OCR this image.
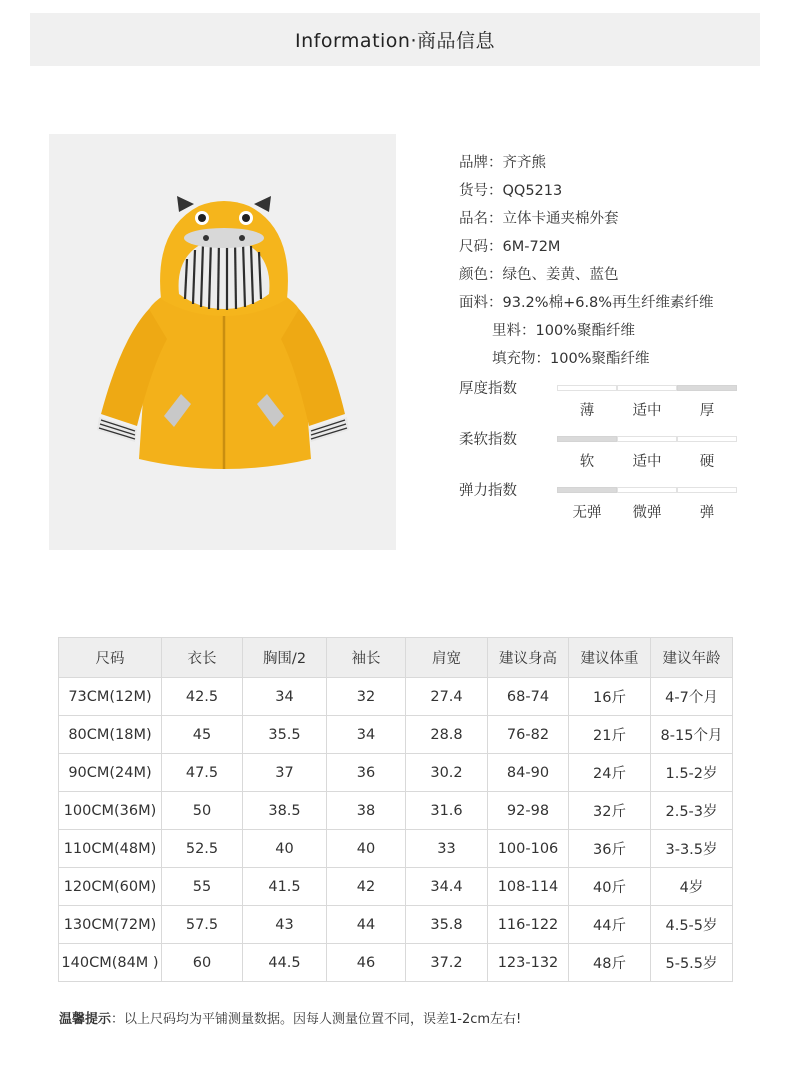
Information·商品信息
品牌：齐齐熊
货号：QQ5213
品名：立体卡通夹棉外套
尺码：6M-72M
颜色：绿色、姜黄、蓝色
面料：93.2%棉+6.8%再生纤维素纤维
里料：100%聚酯纤维
填充物：100%聚酯纤维
厚度指数
薄	适中	厚
柔软指数
软	适中	硬
弹力指数
无弹	微弹	弹
尺码	衣长	胸围/2	袖长	肩宽	建议身高	建议体重	建议年龄
73CM(12M)	42.5	34	32	27.4	68-74	16斤	4-7个月
80CM(18M)	45	35.5	34	28.8	76-82	21斤	8-15个月
90CM(24M)	47.5	37	36	30.2	84-90	24斤	1.5-2岁
100CM(36M)	50	38.5	38	31.6	92-98	32斤	2.5-3岁
110CM(48M)	52.5	40	40	33	100-106	36斤	3-3.5岁
120CM(60M)	55	41.5	42	34.4	108-114	40斤	4岁
130CM(72M)	57.5	43	44	35.8	116-122	44斤	4.5-5岁
140CM(84M )	60	44.5	46	37.2	123-132	48斤	5-5.5岁
温馨提示：以上尺码均为平铺测量数据。因每人测量位置不同，误差1-2cm左右!
